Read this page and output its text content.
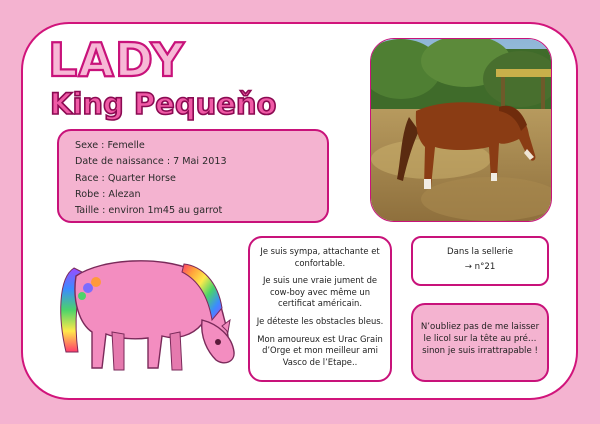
LADY
King Pequeňo
Sexe : Femelle
Date de naissance : 7 Mai 2013
Race : Quarter Horse
Robe : Alezan
Taille : environ 1m45 au garrot
Je suis sympa, attachante et confortable.
Je suis une vraie jument de cow-boy avec même un certificat américain.
Je déteste les obstacles bleus.
Mon amoureux est Urac Grain d’Orge et mon meilleur ami Vasco de l’Etape..
Dans la sellerie
→ n°21
N’oubliez pas de me laisser le licol sur la tête au pré… sinon je suis irrattrapable !
